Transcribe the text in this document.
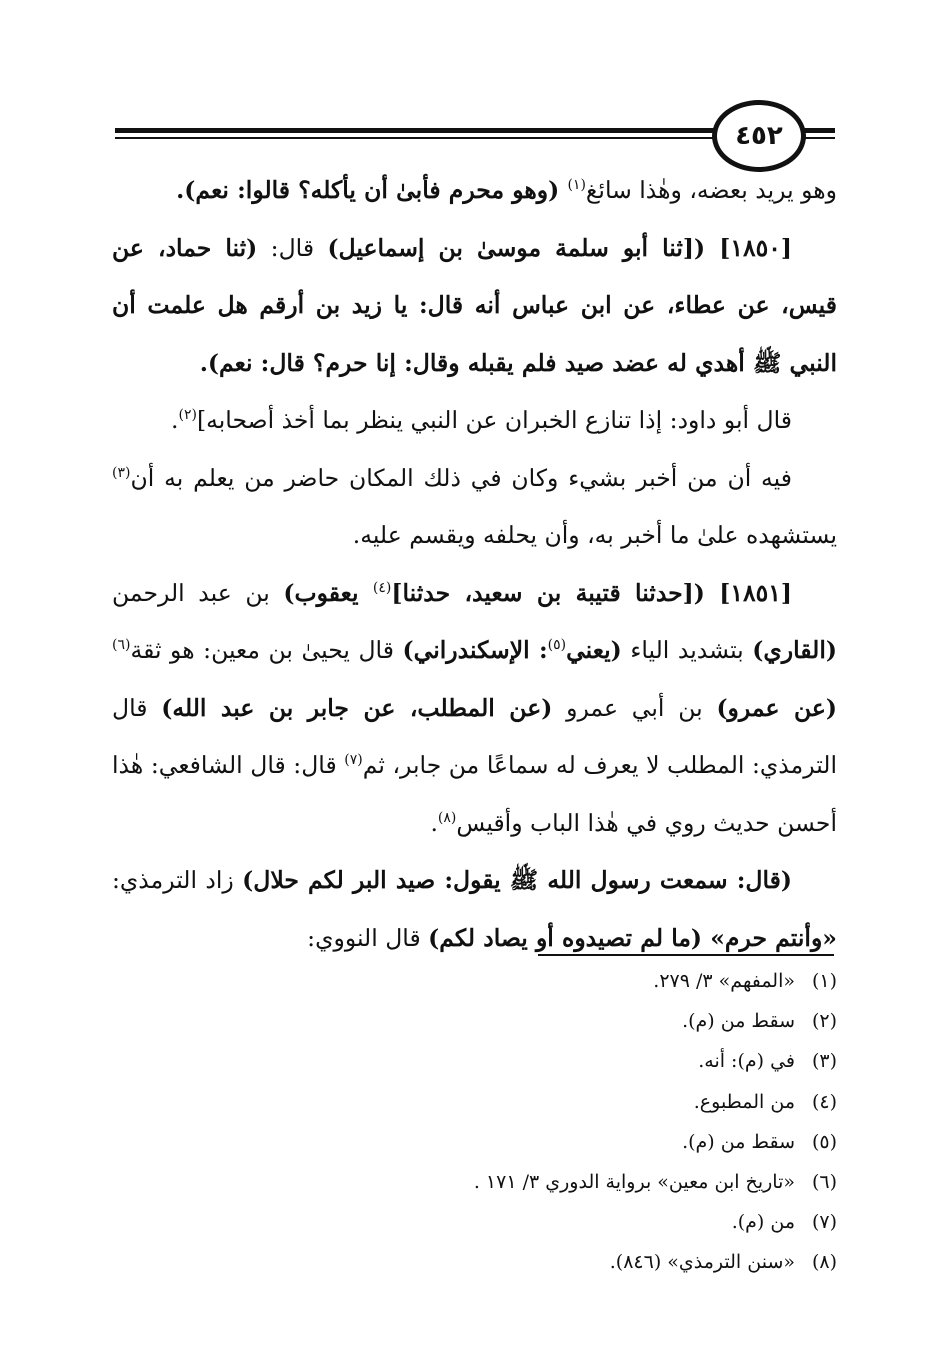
٤٥٢

وهو يريد بعضه، وهٰذا سائغ$^{(١)}$ (وهو محرم فأبىٰ أن يأكله؟ قالوا: نعم).

[١٨٥٠] ([ثنا أبو سلمة موسىٰ بن إسماعيل) قال: (ثنا حماد، عن قيس، عن عطاء، عن ابن عباس أنه قال: يا زيد بن أرقم هل علمت أن النبي ﷺ أهدي له عضد صيد فلم يقبله وقال: إنا حرم؟ قال: نعم).

قال أبو داود: إذا تنازع الخبران عن النبي ينظر بما أخذ أصحابه]$^{(٢)}$.

فيه أن من أخبر بشيء وكان في ذلك المكان حاضر من يعلم به أن$^{(٣)}$ يستشهده علىٰ ما أخبر به، وأن يحلفه ويقسم عليه.

[١٨٥١] ([حدثنا قتيبة بن سعيد، حدثنا]$^{(٤)}$ يعقوب) بن عبد الرحمن (القاري) بتشديد الياء (يعني$^{(٥)}$: الإسكندراني) قال يحيىٰ بن معين: هو ثقة$^{(٦)}$ (عن عمرو) بن أبي عمرو (عن المطلب، عن جابر بن عبد الله) قال الترمذي: المطلب لا يعرف له سماعًا من جابر، ثم$^{(٧)}$ قال: قال الشافعي: هٰذا أحسن حديث روي في هٰذا الباب وأقيس$^{(٨)}$.

(قال: سمعت رسول الله ﷺ يقول: صيد البر لكم حلال) زاد الترمذي: «وأنتم حرم» (ما لم تصيدوه أو يصاد لكم) قال النووي:

(١)«المفهم» ٣/ ٢٧٩.
(٢)سقط من (م).
(٣)في (م): أنه.
(٤)من المطبوع.
(٥)سقط من (م).
(٦)«تاريخ ابن معين» برواية الدوري ٣/ ١٧١ .
(٧)من (م).
(٨)«سنن الترمذي» (٨٤٦).
